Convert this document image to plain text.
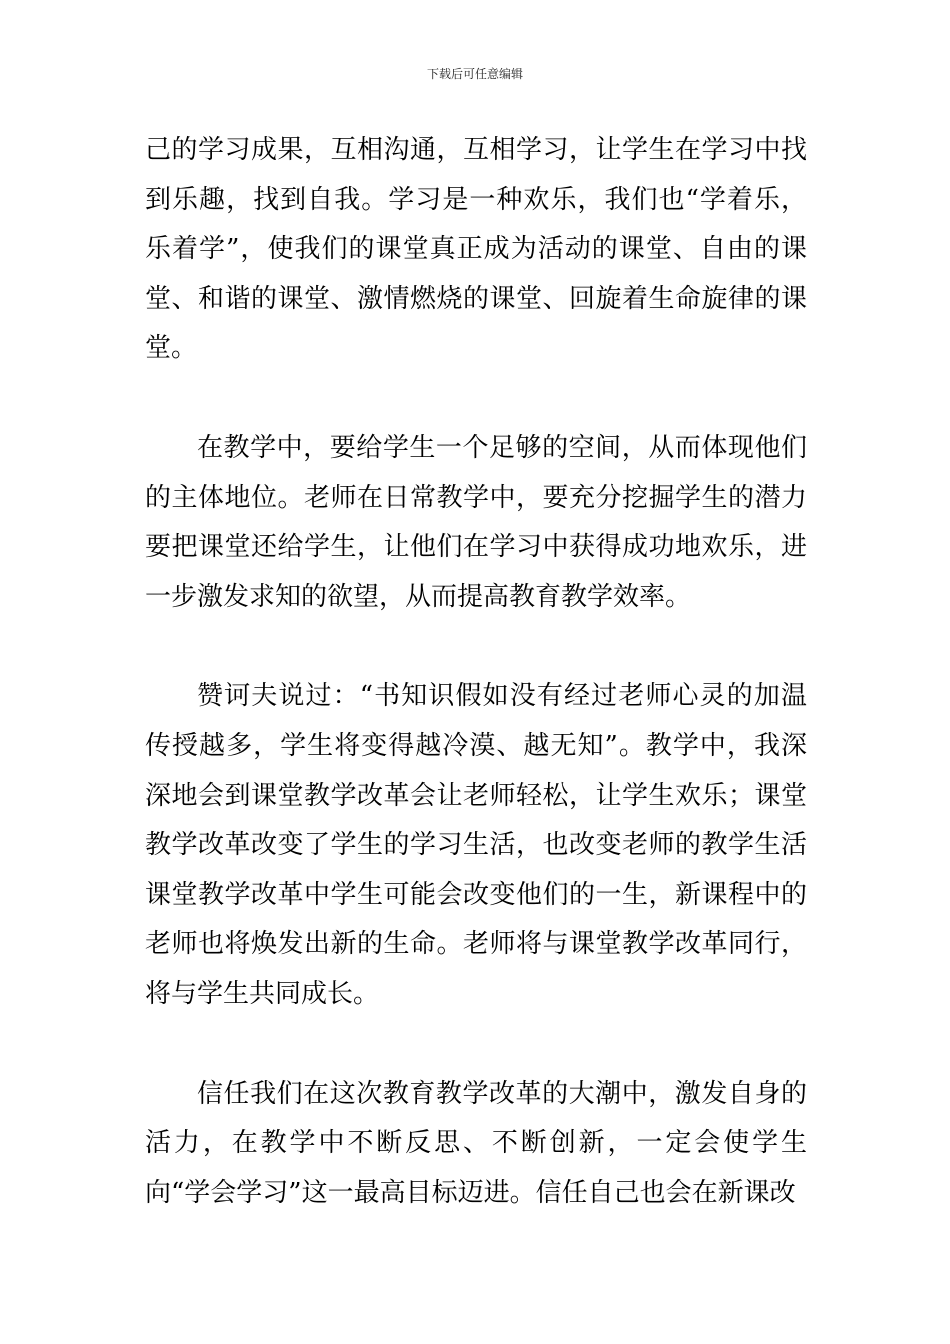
下载后可任意编辑

己的学习成果，互相沟通，互相学习，让学生在学习中找到乐趣，找到自我。学习是一种欢乐，我们也“学着乐，乐着学”，使我们的课堂真正成为活动的课堂、自由的课堂、和谐的课堂、激情燃烧的课堂、回旋着生命旋律的课堂。

在教学中，要给学生一个足够的空间，从而体现他们的主体地位。老师在日常教学中，要充分挖掘学生的潜力要把课堂还给学生，让他们在学习中获得成功地欢乐，进一步激发求知的欲望，从而提高教育教学效率。

赞诃夫说过：“书知识假如没有经过老师心灵的加温传授越多，学生将变得越冷漠、越无知”。教学中，我深深地会到课堂教学改革会让老师轻松，让学生欢乐；课堂教学改革改变了学生的学习生活，也改变老师的教学生活课堂教学改革中学生可能会改变他们的一生，新课程中的老师也将焕发出新的生命。老师将与课堂教学改革同行，将与学生共同成长。

信任我们在这次教育教学改革的大潮中，激发自身的活力，在教学中不断反思、不断创新，一定会使学生向“学会学习”这一最高目标迈进。信任自己也会在新课改
